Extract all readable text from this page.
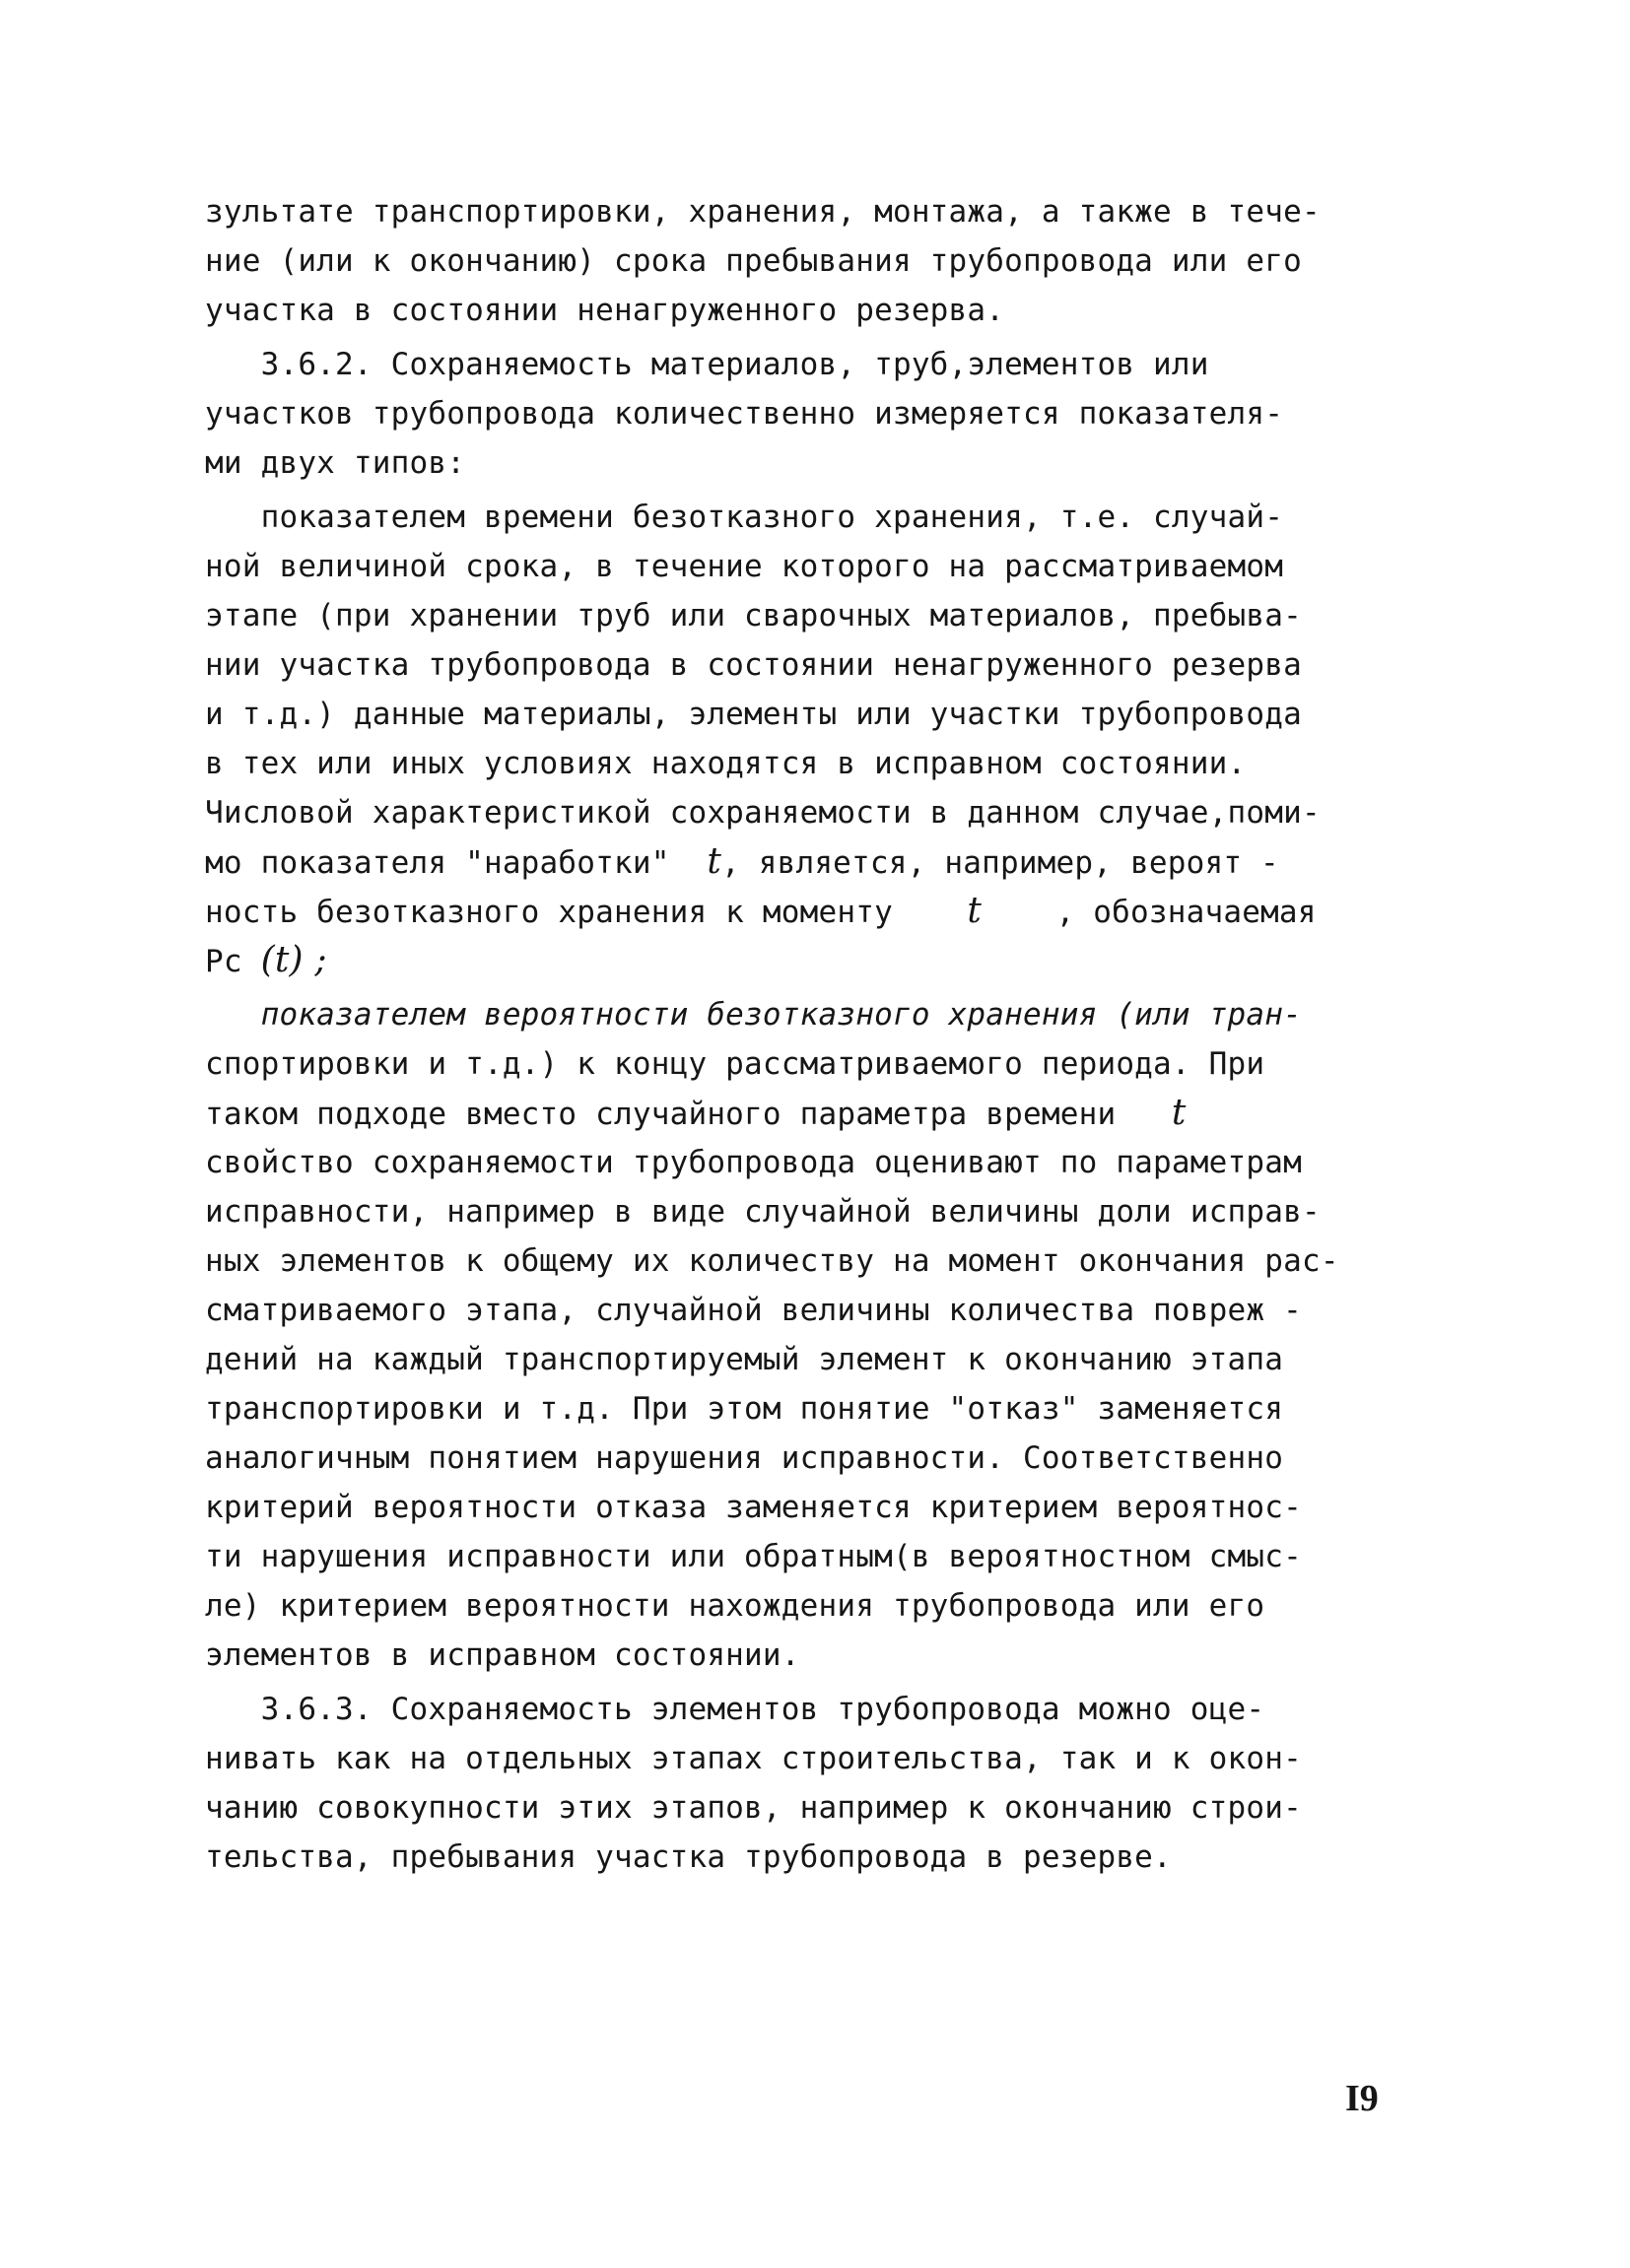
зультате транспортировки, хранения, монтажа, а также в тече-

ние (или к окончанию) срока пребывания трубопровода или его

участка в состоянии ненагруженного резерва.

3.6.2. Сохраняемость материалов, труб,элементов или

участков трубопровода количественно измеряется показателя-

ми двух типов:

показателем времени безотказного хранения, т.е. случай-

ной величиной срока, в течение которого на рассматриваемом

этапе (при хранении труб или сварочных материалов, пребыва-

нии участка трубопровода в состоянии ненагруженного резерва

и т.д.) данные материалы, элементы или участки трубопровода

в тех или иных условиях находятся в исправном состоянии.

Числовой характеристикой сохраняемости в данном случае,поми-

мо показателя "наработки" t, является, например, вероят -

ность безотказного хранения к моменту t , обозначаемая

Pc (t) ;

показателем вероятности безотказного хранения (или тран-

спортировки и т.д.) к концу рассматриваемого периода. При

таком подходе вместо случайного параметра времени t

свойство сохраняемости трубопровода оценивают по параметрам

исправности, например в виде случайной величины доли исправ-

ных элементов к общему их количеству на момент окончания рас-

сматриваемого этапа, случайной величины количества повреж -

дений на каждый транспортируемый элемент к окончанию этапа

транспортировки и т.д. При этом понятие "отказ" заменяется

аналогичным понятием нарушения исправности. Соответственно

критерий вероятности отказа заменяется критерием вероятнос-

ти нарушения исправности или обратным(в вероятностном смыс-

ле) критерием вероятности нахождения трубопровода или его

элементов в исправном состоянии.

3.6.3. Сохраняемость элементов трубопровода можно оце-

нивать как на отдельных этапах строительства, так и к окон-

чанию совокупности этих этапов, например к окончанию строи-

тельства, пребывания участка трубопровода в резерве.

I9
